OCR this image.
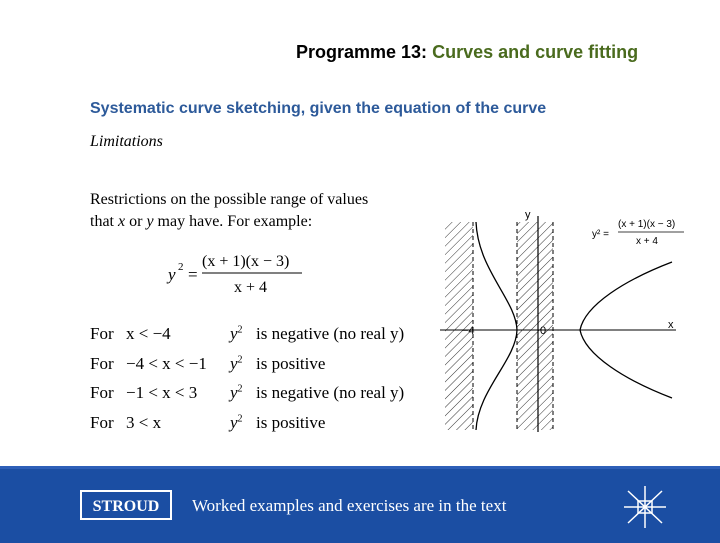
Programme 13: Curves and curve fitting
Systematic curve sketching, given the equation of the curve
Limitations
Restrictions on the possible range of values
that x or y may have. For example:
y 2 =
(x + 1)(x − 3)
x + 4
For x < −4	$y^2$ is negative (no real y)
For −4 < x < −1 $y^2$ is positive
For −1 < x < 3 $y^2$ is negative (no real y)
For 3 < x	$y^2$ is positive
y
x
−4	0
y² =
(x + 1)(x − 3)
x + 4
STROUD	Worked examples and exercises are in the text
